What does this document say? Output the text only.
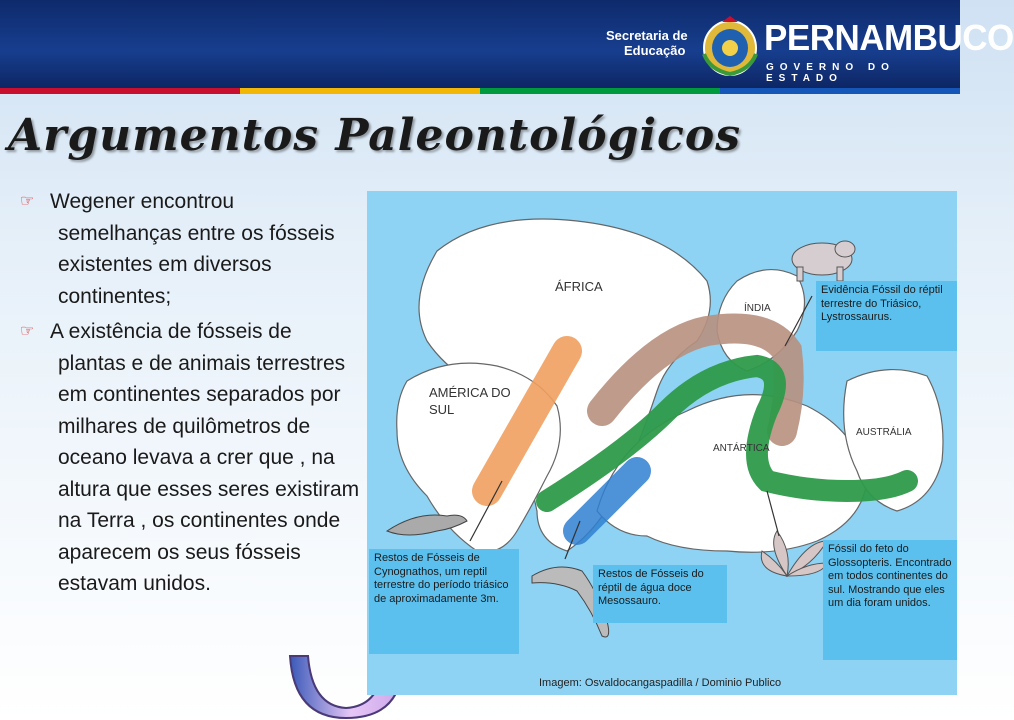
Secretaria de
Educação PERNAMBUCO
GOVERNO DO ESTADO
Argumentos Paleontológicos
☞ Wegener encontrou semelhanças entre os fósseis existentes em diversos continentes;
☞ A existência de fósseis de plantas e de animais terrestres em continentes separados por milhares de quilômetros de oceano levava a crer que , na altura que esses seres existiram na Terra , os continentes onde aparecem os seus fósseis estavam unidos.
ÁFRICA
AMÉRICA DO SUL
ÍNDIA
ANTÁRTICA
AUSTRÁLIA
Evidência Fóssil do réptil terrestre do Triásico, Lystrossaurus.
Restos de Fósseis de Cynognathos, um reptil terrestre do período triásico de aproximadamente 3m.
Restos de Fósseis do réptil de água doce Mesossauro.
Fóssil do feto do Glossopteris. Encontrado em todos continentes do sul. Mostrando que eles um dia foram unidos.
Imagem: Osvaldocangaspadilla / Dominio Publico
